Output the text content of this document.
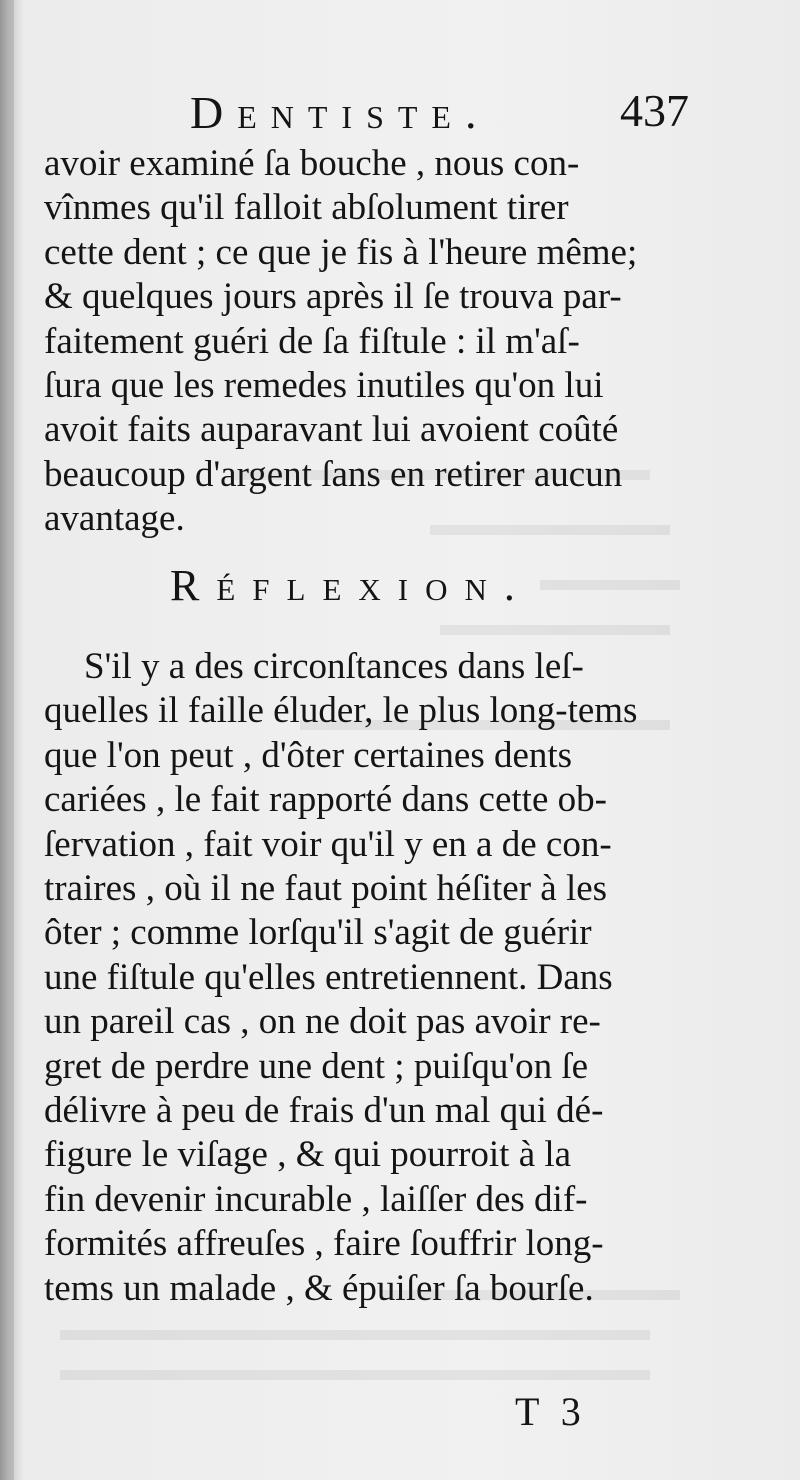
Dentiste.	437
avoir examiné ſa bouche , nous con-
vînmes qu'il falloit abſolument tirer
cette dent ; ce que je fis à l'heure même;
& quelques jours après il ſe trouva par-
faitement guéri de ſa fiſtule : il m'aſ-
ſura que les remedes inutiles qu'on lui
avoit faits auparavant lui avoient coûté
beaucoup d'argent ſans en retirer aucun
avantage.
Réflexion.
S'il y a des circonſtances dans leſ-
quelles il faille éluder, le plus long-tems
que l'on peut , d'ôter certaines dents
cariées , le fait rapporté dans cette ob-
ſervation , fait voir qu'il y en a de con-
traires , où il ne faut point héſiter à les
ôter ; comme lorſqu'il s'agit de guérir
une fiſtule qu'elles entretiennent. Dans
un pareil cas , on ne doit pas avoir re-
gret de perdre une dent ; puiſqu'on ſe
délivre à peu de frais d'un mal qui dé-
figure le viſage , & qui pourroit à la
fin devenir incurable , laiſſer des dif-
formités affreuſes , faire ſouffrir long-
tems un malade , & épuiſer ſa bourſe.
T 3
